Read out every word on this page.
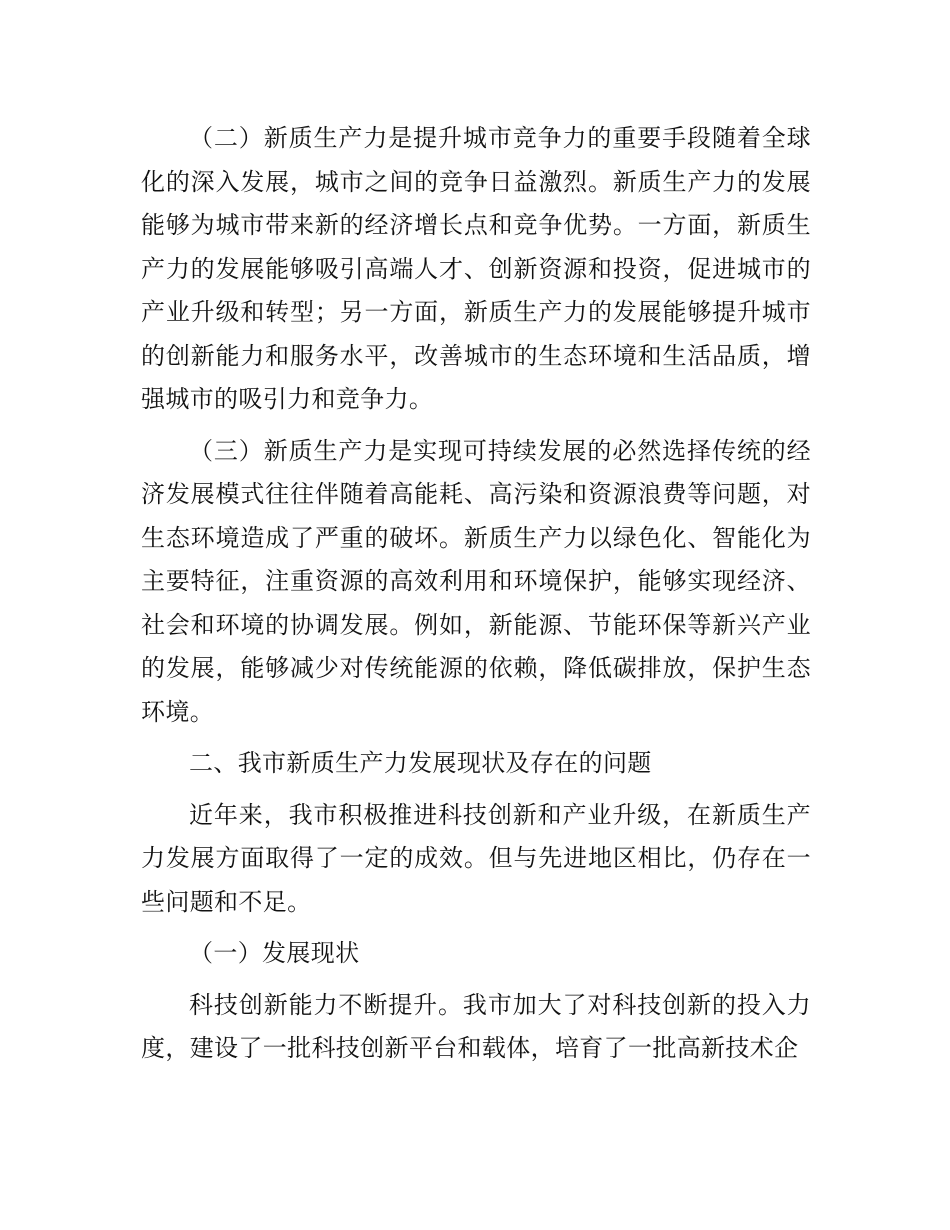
（二）新质生产力是提升城市竞争力的重要手段随着全球化的深入发展，城市之间的竞争日益激烈。新质生产力的发展能够为城市带来新的经济增长点和竞争优势。一方面，新质生产力的发展能够吸引高端人才、创新资源和投资，促进城市的产业升级和转型；另一方面，新质生产力的发展能够提升城市的创新能力和服务水平，改善城市的生态环境和生活品质，增强城市的吸引力和竞争力。

（三）新质生产力是实现可持续发展的必然选择传统的经济发展模式往往伴随着高能耗、高污染和资源浪费等问题，对生态环境造成了严重的破坏。新质生产力以绿色化、智能化为主要特征，注重资源的高效利用和环境保护，能够实现经济、社会和环境的协调发展。例如，新能源、节能环保等新兴产业的发展，能够减少对传统能源的依赖，降低碳排放，保护生态环境。

二、我市新质生产力发展现状及存在的问题

近年来，我市积极推进科技创新和产业升级，在新质生产力发展方面取得了一定的成效。但与先进地区相比，仍存在一些问题和不足。

（一）发展现状

科技创新能力不断提升。我市加大了对科技创新的投入力度，建设了一批科技创新平台和载体，培育了一批高新技术企
